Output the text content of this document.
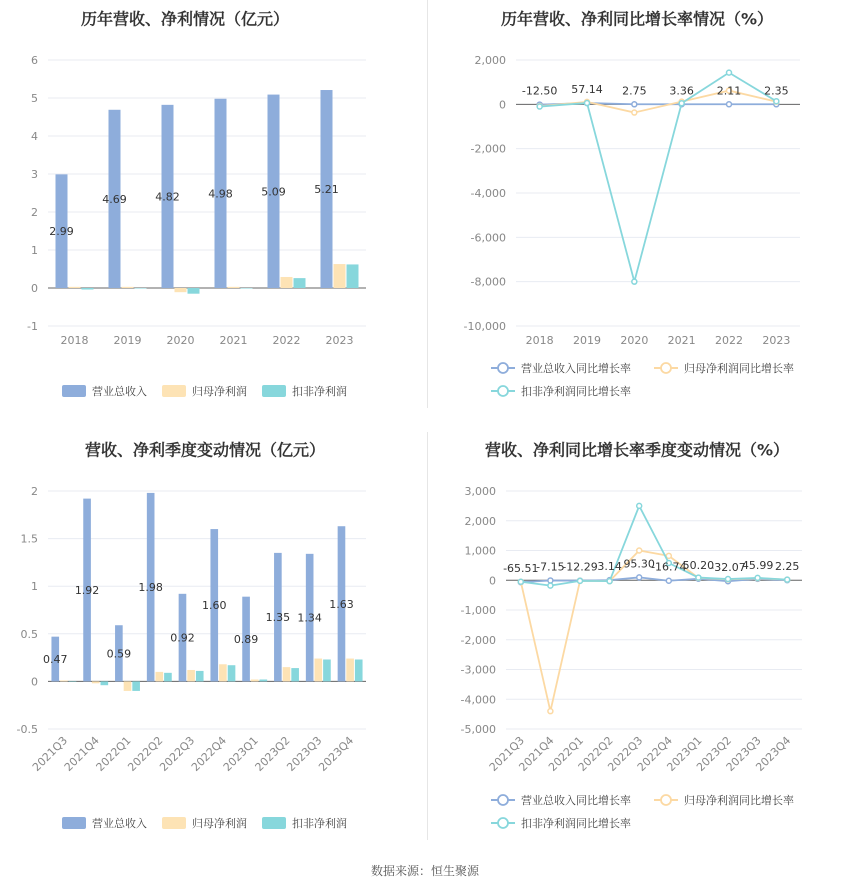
历年营收、净利情况（亿元）
-1
0
1
2
3
4
5
6
2018 2019 2020 2021 2022 2023
2.99
4.69	4.82	4.98	5.09	5.21
营业总收入	归母净利润	扣非净利润
历年营收、净利同比增长率情况（%）
-10,000
-8,000
-6,000
-4,000
-2,000
0
2,000
2018 2019 2020 2021 2022 2023
-12.50 57.14 2.75 3.36 2.11 2.35
营业总收入同比增长率	归母净利润同比增长率
扣非净利润同比增长率
营收、净利季度变动情况（亿元）
-0.5
0
0.5
1
1.5
2
2021Q3
2021Q4
2022Q1
2022Q2
2022Q3
2022Q4
2023Q1
2023Q2
2023Q3
2023Q4
0.47
1.92
0.59
1.98
0.92
1.60
0.89
1.35 1.34
1.63
营业总收入	归母净利润	扣非净利润
营收、净利同比增长率季度变动情况（%）
-5,000
-4,000
-3,000
-2,000
-1,000
0
1,000
2,000
3,000
2021Q3
2021Q4
2022Q1
2022Q2
2022Q3
2022Q4
2023Q1
2023Q2
2023Q3
2023Q4
-65.51
-7.15
-12.29 3.14 95.30
-16.74
50.20
-32.07
45.99 2.25
营业总收入同比增长率	归母净利润同比增长率
扣非净利润同比增长率
数据来源：恒生聚源
